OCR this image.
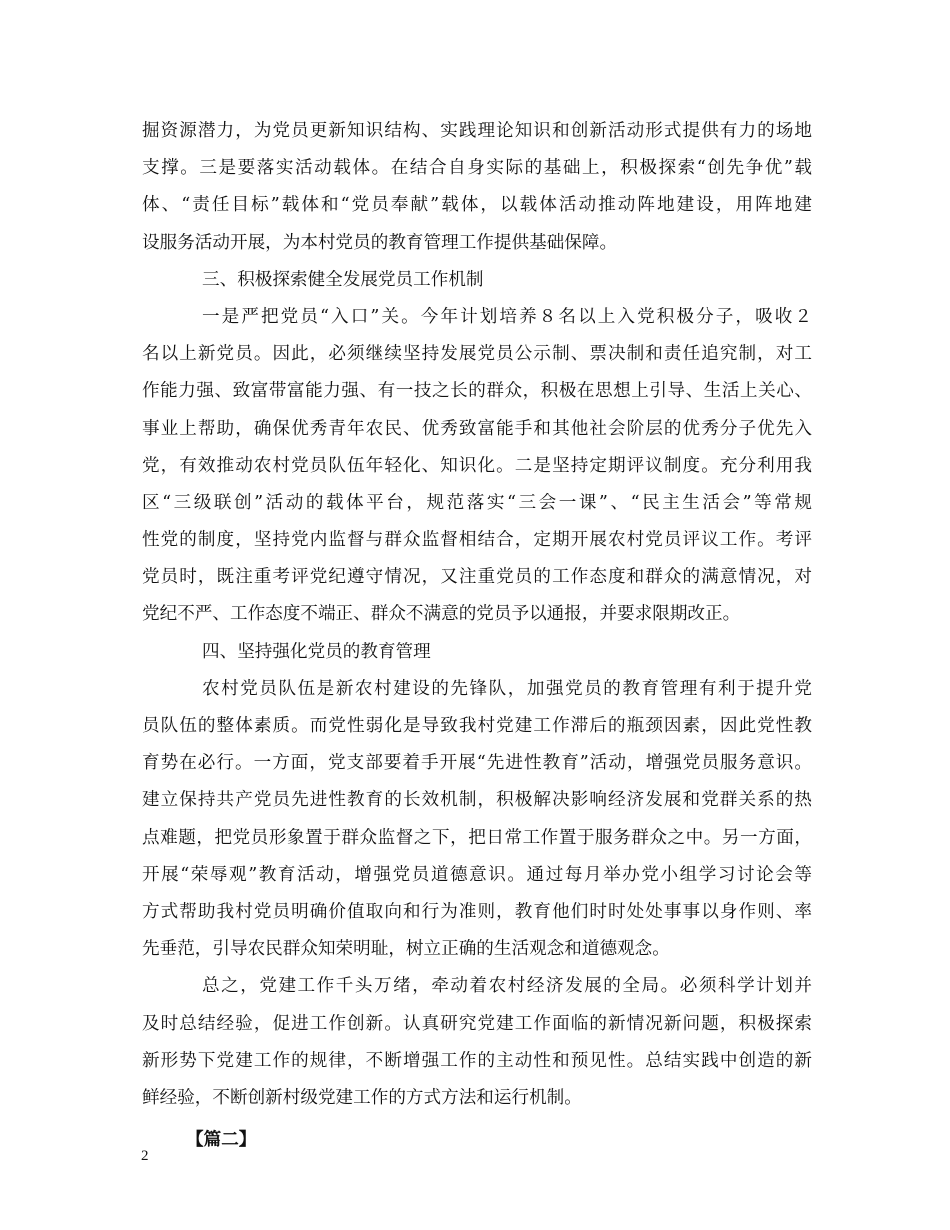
掘资源潜力，为党员更新知识结构、实践理论知识和创新活动形式提供有力的场地
支撑。三是要落实活动载体。在结合自身实际的基础上，积极探索“创先争优”载
体、“责任目标”载体和“党员奉献”载体，以载体活动推动阵地建设，用阵地建
设服务活动开展，为本村党员的教育管理工作提供基础保障。
三、积极探索健全发展党员工作机制
一是严把党员“入口”关。今年计划培养８名以上入党积极分子，吸收２
名以上新党员。因此，必须继续坚持发展党员公示制、票决制和责任追究制，对工
作能力强、致富带富能力强、有一技之长的群众，积极在思想上引导、生活上关心、
事业上帮助，确保优秀青年农民、优秀致富能手和其他社会阶层的优秀分子优先入
党，有效推动农村党员队伍年轻化、知识化。二是坚持定期评议制度。充分利用我
区“三级联创”活动的载体平台，规范落实“三会一课”、“民主生活会”等常规
性党的制度，坚持党内监督与群众监督相结合，定期开展农村党员评议工作。考评
党员时，既注重考评党纪遵守情况，又注重党员的工作态度和群众的满意情况，对
党纪不严、工作态度不端正、群众不满意的党员予以通报，并要求限期改正。
四、坚持强化党员的教育管理
农村党员队伍是新农村建设的先锋队，加强党员的教育管理有利于提升党
员队伍的整体素质。而党性弱化是导致我村党建工作滞后的瓶颈因素，因此党性教
育势在必行。一方面，党支部要着手开展“先进性教育”活动，增强党员服务意识。
建立保持共产党员先进性教育的长效机制，积极解决影响经济发展和党群关系的热
点难题，把党员形象置于群众监督之下，把日常工作置于服务群众之中。另一方面，
开展“荣辱观”教育活动，增强党员道德意识。通过每月举办党小组学习讨论会等
方式帮助我村党员明确价值取向和行为准则，教育他们时时处处事事以身作则、率
先垂范，引导农民群众知荣明耻，树立正确的生活观念和道德观念。
总之，党建工作千头万绪，牵动着农村经济发展的全局。必须科学计划并
及时总结经验，促进工作创新。认真研究党建工作面临的新情况新问题，积极探索
新形势下党建工作的规律，不断增强工作的主动性和预见性。总结实践中创造的新
鲜经验，不断创新村级党建工作的方式方法和运行机制。
【篇二】
2
